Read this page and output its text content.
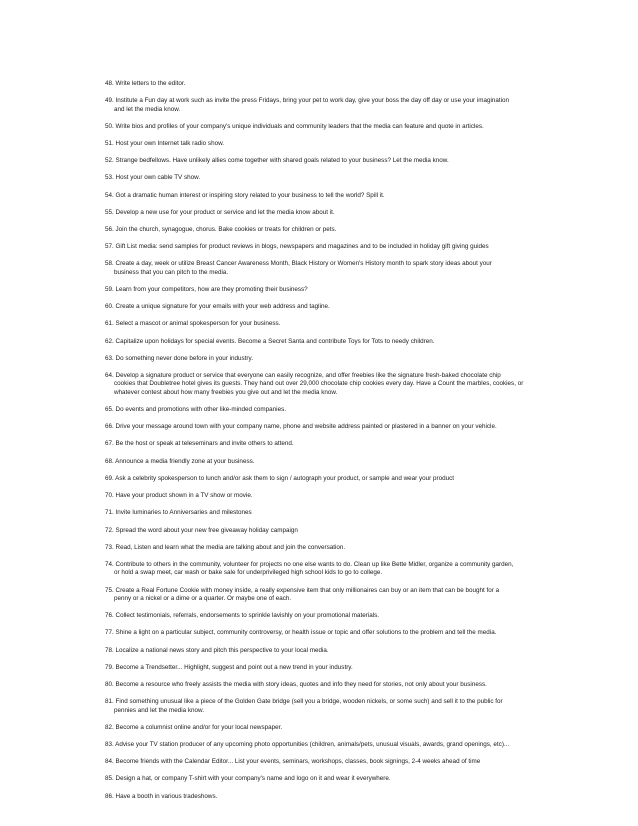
48. Write letters to the editor.
49. Institute a Fun day at work such as invite the press Fridays, bring your pet to work day, give your boss the day off day or use your imagination
and let the media know.
50. Write bios and profiles of your company's unique individuals and community leaders that the media can feature and quote in articles.
51. Host your own Internet talk radio show.
52. Strange bedfellows. Have unlikely allies come together with shared goals related to your business? Let the media know.
53. Host your own cable TV show.
54. Got a dramatic human interest or inspiring story related to your business to tell the world? Spill it.
55. Develop a new use for your product or service and let the media know about it.
56. Join the church, synagogue, chorus. Bake cookies or treats for children or pets.
57. Gift List media: send samples for product reviews in blogs, newspapers and magazines and to be included in holiday gift giving guides
58. Create a day, week or utilize Breast Cancer Awareness Month, Black History or Women's History month to spark story ideas about your
business that you can pitch to the media.
59. Learn from your competitors, how are they promoting their business?
60. Create a unique signature for your emails with your web address and tagline.
61. Select a mascot or animal spokesperson for your business.
62. Capitalize upon holidays for special events. Become a Secret Santa and contribute Toys for Tots to needy children.
63. Do something never done before in your industry.
64. Develop a signature product or service that everyone can easily recognize, and offer freebies like the signature fresh-baked chocolate chip
cookies that Doubletree hotel gives its guests. They hand out over 29,000 chocolate chip cookies every day. Have a Count the marbles, cookies, or whatever contest about how many freebies you give out and let the media know.
65. Do events and promotions with other like-minded companies.
66. Drive your message around town with your company name, phone and website address painted or plastered in a banner on your vehicle.
67. Be the host or speak at teleseminars and invite others to attend.
68. Announce a media friendly zone at your business.
69. Ask a celebrity spokesperson to lunch and/or ask them to sign / autograph your product, or sample and wear your product
70. Have your product shown in a TV show or movie.
71. Invite luminaries to Anniversaries and milestones
72. Spread the word about your new free giveaway holiday campaign
73. Read, Listen and learn what the media are talking about and join the conversation.
74. Contribute to others in the community, volunteer for projects no one else wants to do. Clean up like Bette Midler, organize a community garden,
or hold a swap meet, car wash or bake sale for underprivileged high school kids to go to college.
75. Create a Real Fortune Cookie with money inside, a really expensive item that only millionaires can buy or an item that can be bought for a
penny or a nickel or a dime or a quarter. Or maybe one of each.
76. Collect testimonials, referrals, endorsements to sprinkle lavishly on your promotional materials.
77. Shine a light on a particular subject, community controversy, or health issue or topic and offer solutions to the problem and tell the media.
78. Localize a national news story and pitch this perspective to your local media.
79. Become a Trendsetter... Highlight, suggest and point out a new trend in your industry.
80. Become a resource who freely assists the media with story ideas, quotes and info they need for stories, not only about your business.
81. Find something unusual like a piece of the Golden Gate bridge (sell you a bridge, wooden nickels, or some such) and sell it to the public for
pennies and let the media know.
82. Become a columnist online and/or for your local newspaper.
83. Advise your TV station producer of any upcoming photo opportunities (children, animals/pets, unusual visuals, awards, grand openings, etc)...
84. Become friends with the Calendar Editor... List your events, seminars, workshops, classes, book signings, 2-4 weeks ahead of time
85. Design a hat, or company T-shirt with your company's name and logo on it and wear it everywhere.
86. Have a booth in various tradeshows.
